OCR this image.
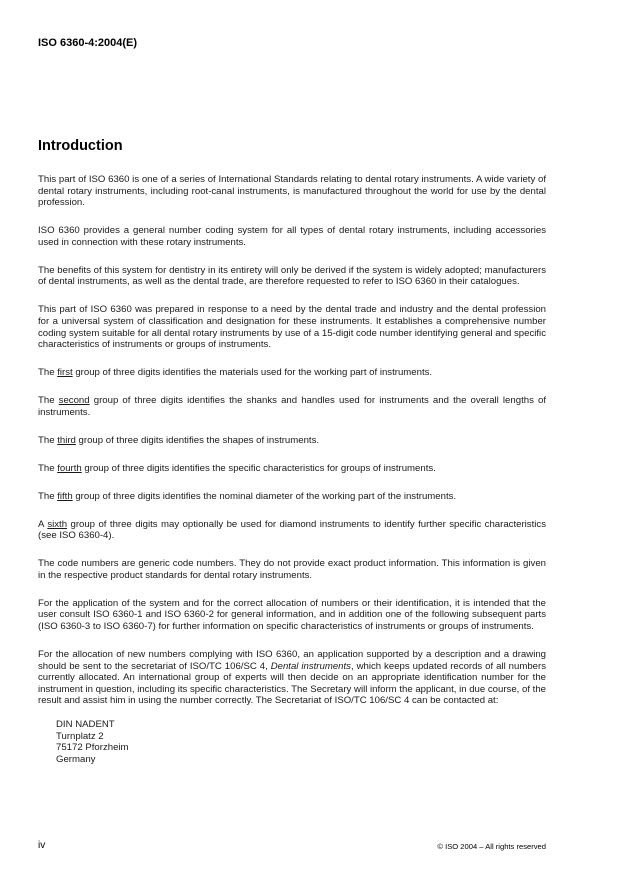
ISO 6360-4:2004(E)
Introduction

This part of ISO 6360 is one of a series of International Standards relating to dental rotary instruments. A wide variety of dental rotary instruments, including root-canal instruments, is manufactured throughout the world for use by the dental profession.

ISO 6360 provides a general number coding system for all types of dental rotary instruments, including accessories used in connection with these rotary instruments.

The benefits of this system for dentistry in its entirety will only be derived if the system is widely adopted; manufacturers of dental instruments, as well as the dental trade, are therefore requested to refer to ISO 6360 in their catalogues.

This part of ISO 6360 was prepared in response to a need by the dental trade and industry and the dental profession for a universal system of classification and designation for these instruments. It establishes a comprehensive number coding system suitable for all dental rotary instruments by use of a 15-digit code number identifying general and specific characteristics of instruments or groups of instruments.

The first group of three digits identifies the materials used for the working part of instruments.

The second group of three digits identifies the shanks and handles used for instruments and the overall lengths of instruments.

The third group of three digits identifies the shapes of instruments.

The fourth group of three digits identifies the specific characteristics for groups of instruments.

The fifth group of three digits identifies the nominal diameter of the working part of the instruments.

A sixth group of three digits may optionally be used for diamond instruments to identify further specific characteristics (see ISO 6360-4).

The code numbers are generic code numbers. They do not provide exact product information. This information is given in the respective product standards for dental rotary instruments.

For the application of the system and for the correct allocation of numbers or their identification, it is intended that the user consult ISO 6360-1 and ISO 6360-2 for general information, and in addition one of the following subsequent parts (ISO 6360-3 to ISO 6360-7) for further information on specific characteristics of instruments or groups of instruments.

For the allocation of new numbers complying with ISO 6360, an application supported by a description and a drawing should be sent to the secretariat of ISO/TC 106/SC 4, Dental instruments, which keeps updated records of all numbers currently allocated. An international group of experts will then decide on an appropriate identification number for the instrument in question, including its specific characteristics. The Secretary will inform the applicant, in due course, of the result and assist him in using the number correctly. The Secretariat of ISO/TC 106/SC 4 can be contacted at:

DIN NADENT
Turnplatz 2
75172 Pforzheim
Germany
iv	© ISO 2004 – All rights reserved
